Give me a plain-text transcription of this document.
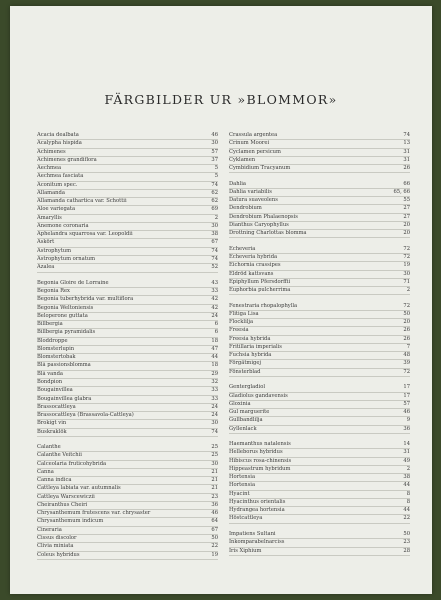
FÄRGBILDER UR »BLOMMOR»
Acacia dealbata	46
Acalypha hispida	30
Achimenes	57
Achimenes grandiflora	37
Aechmea	5
Aechmea fasciata	5
Aconitum spec.	74
Allamanda	62
Allamanda cathartica var. Schottii	62
Aloe variegata	69
Amaryllis	2
Anemone coronaria	30
Aphelandra squarrosa var. Leopoldii	38
Askört	67
Astrophytum	74
Astrophytum ornatum	74
Azalea	52
Begonia Gloire de Lorraine	43
Begonia Rex	33
Begonia tuberhybrida var. multiflora	42
Begonia Weltoniensis	42
Beloperone guttata	24
Billbergia	6
Billbergia pyramidalis	6
Bloddroppe	18
Blomsterlupin	47
Blomstertobak	44
Blå passionsblomma	18
Blå vanda	29
Bondpion	32
Bougainvillea	33
Bougainvillea glabra	33
Brassocattleya	24
Brassocattleya (Brassavola-Cattleya)	24
Brokigt vin	30
Buskraklök	74
Calanthe	25
Calanthe Veitchii	25
Calceolaria fruticohybrida	30
Canna	21
Canna indica	21
Cattleya labiata var. autumnalis	21
Cattleya Warscewiczii	23
Cheiranthus Cheiri	36
Chrysanthemum frutescens var. chrysaster	46
Chrysanthemum indicum	64
Cineraria	67
Cissus discolor	50
Clivia miniata	22
Coleus hybridus	19
Crassula argentea	74
Crinum Moorei	13
Cyclamen persicum	31
Cyklamen	31
Cymbidium Tracyanum	26
Dahlia	66
Dahlia variabilis	65, 66
Datura suaveolens	55
Dendrobium	27
Dendrobium Phalaenopsis	27
Dianthus Caryophyllus	20
Drottning Charlottas blomma	20
Echeveria	72
Echeveria hybrida	72
Eichornia crassipes	19
Eldröd kattsvans	30
Epiphyllum Pfersdorffii	71
Euphorbia pulcherrima	2
Fenestraria rhopalophylla	72
Flitiga Lisa	50
Flocklilja	20
Freesia	26
Freesia hybrida	26
Fritillaria imperialis	7
Fuchsia hybrida	48
Förgätmigej	39
Fönsterblad	72
Gentergladiol	17
Gladiolus gandavensis	17
Gloxinia	57
Gul marguerite	46
Gullbandlilja	9
Gyllenlack	36
Haemanthus natalensis	14
Helleborus hybridus	31
Hibiscus rosa-chinensis	49
Hippeastrum hybridum	2
Hortensia	38
Hortensia	44
Hyacint	8
Hyacinthus orientalis	8
Hydrangea hortensia	44
Höstcattleya	22
Impatiens Sultani	50
Inkomparabelnarciss	23
Iris Xiphium	28
